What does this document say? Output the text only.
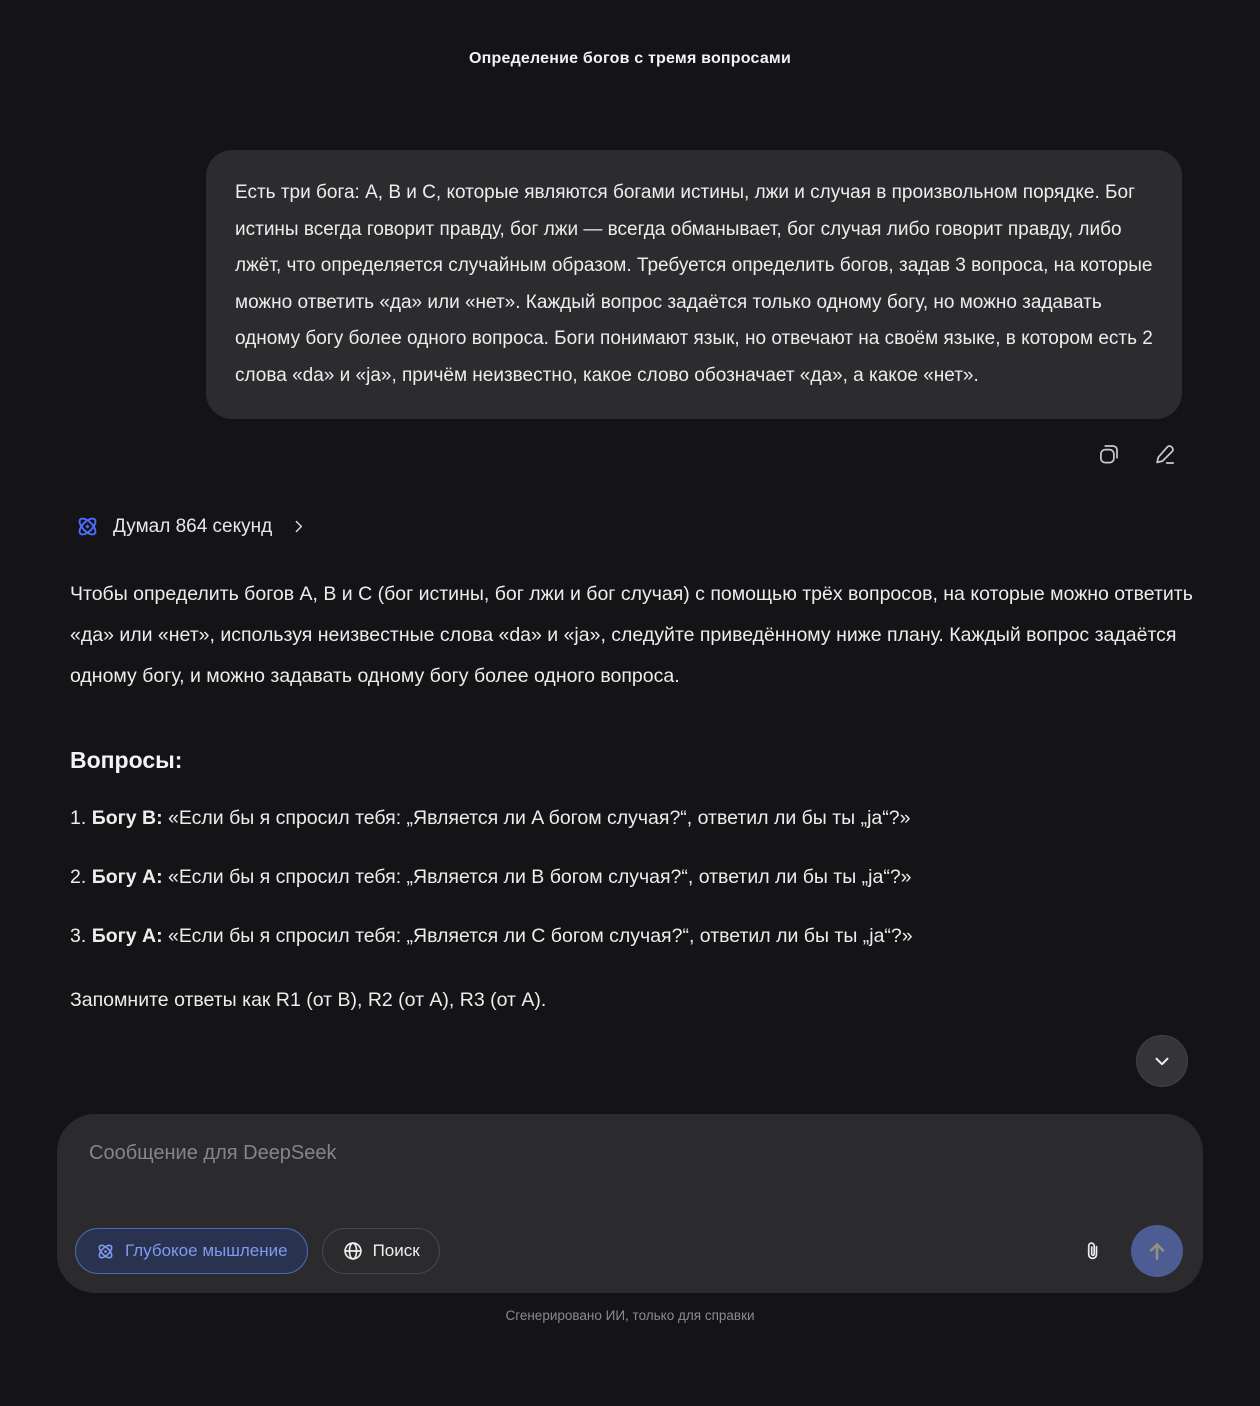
Определение богов с тремя вопросами
Есть три бога: A, B и C, которые являются богами истины, лжи и случая в произвольном порядке. Бог истины всегда говорит правду, бог лжи — всегда обманывает, бог случая либо говорит правду, либо лжёт, что определяется случайным образом. Требуется определить богов, задав 3 вопроса, на которые можно ответить «да» или «нет». Каждый вопрос задаётся только одному богу, но можно задавать одному богу более одного вопроса. Боги понимают язык, но отвечают на своём языке, в котором есть 2 слова «da» и «ja», причём неизвестно, какое слово обозначает «да», а какое «нет».
Думал 864 секунд
Чтобы определить богов A, B и C (бог истины, бог лжи и бог случая) с помощью трёх вопросов, на которые можно ответить «да» или «нет», используя неизвестные слова «da» и «ja», следуйте приведённому ниже плану. Каждый вопрос задаётся одному богу, и можно задавать одному богу более одного вопроса.
Вопросы:
1. Богу B: «Если бы я спросил тебя: „Является ли A богом случая?“, ответил ли бы ты „ja“?»
2. Богу A: «Если бы я спросил тебя: „Является ли B богом случая?“, ответил ли бы ты „ja“?»
3. Богу A: «Если бы я спросил тебя: „Является ли C богом случая?“, ответил ли бы ты „ja“?»
Запомните ответы как R1 (от B), R2 (от A), R3 (от A).
Сообщение для DeepSeek
Глубокое мышление	Поиск
Сгенерировано ИИ, только для справки
